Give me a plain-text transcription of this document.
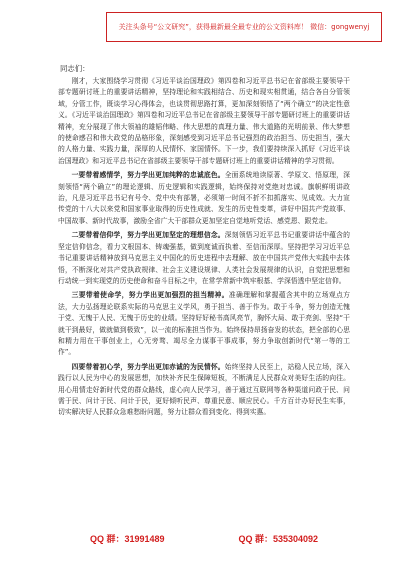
关注头条号“公文研究”，获得最新最全最专业的公文资料库！ 微信：gongwenyj
同志们：

刚才，大家围绕学习贯彻《习近平谈治国理政》第四卷和习近平总书记在省部级主要领导干部专题研讨班上的重要讲话精神，坚持理论和实践相结合、历史和现实相贯通，结合各自分管领域，分管工作，既谈学习心得体会，也谈贯彻思路打算，更加深刻领悟了“两个确立”的决定性意义。《习近平谈治国理政》第四卷和习近平总书记在省部级主要领导干部专题研讨班上的重要讲话精神，充分展现了伟大领袖的雄韬伟略、伟大思想的真理力量、伟大道路的光明前景、伟大梦想的使命感召和伟大政党的品格形象，深刻感受到习近平总书记强烈的政治担当、历史担当，强大的人格力量、实践力量，深厚的人民情怀、家国情怀。下一步，我们要持续深入抓好《习近平谈治国理政》和习近平总书记在省部级主要领导干部专题研讨班上的重要讲话精神的学习贯彻。

一要带着感情学，努力学出更加纯粹的忠诚底色。全面系统地读原著、学原文、悟原理，深刻领悟“两个确立”的理论逻辑、历史逻辑和实践逻辑，始终保持对党绝对忠诚。旗帜鲜明讲政治，凡是习近平总书记有号令、党中央有部署，必须第一时间不折不扣抓落实、见成效。大力宣传党的十八大以来党和国家事业取得的历史性成就、发生的历史性变革，讲好中国共产党故事、中国故事、新时代故事，激励全省广大干部群众更加坚定自觉地听党话、感党恩、跟党走。

二要带着信仰学，努力学出更加坚定的理想信念。深刻领悟习近平总书记重要讲话中蕴含的坚定信仰信念，看力文根国本、铸魂强基，做到度诚而执着、至信而深厚。坚持把学习习近平总书记重要讲话精神放到马克思主义中国化的历史进程中去理解、放在中国共产党伟大实践中去体悟，不断深化对共产党执政规律、社会主义建设规律、人类社会发展规律的认识，自觉把思想和行动统一到实现党的历史使命和奋斗目标之中，在常学常新中筑牢根基、学深悟透中坚定信仰。

三要带着使命学，努力学出更加强烈的担当精神。准确理解和掌握蕴含其中的立场观点方法，大力弘扬理论联系实际的马克思主义学风，勇于担当、善于作为。敢于斗争，努力创造无愧于党、无愧于人民、无愧于历史的业绩。坚持好好秘书高风亮节，胸怀大局、敢于亮剑、坚持“干就干到最好，做就做到极致”，以一流的标准担当作为。始终保持昂扬奋发的状态，把全部的心思和精力用在干事创业上，心无旁骛、竭尽全力谋事干事成事，努力争取创新时代“第一等的工作”。

四要带着初心学，努力学出更加赤诚的为民情怀。始终坚持人民至上，站稳人民立场，深入践行以人民为中心的发展思想，加快补齐民生保障短板，不断满足人民群众对美好生活的向往。用心用情走好新时代党的群众路线，虚心向人民学习，善于通过互联网等各种渠道问政于民、问需于民、问计于民、问计于民，更好倾听民声、尊重民意、顺应民心。千方百计办好民生实事，切实解决好人民群众急难愁盼问题，努力让群众看到变化、得到实惠。

QQ 群：31991489	QQ 群：535304092
